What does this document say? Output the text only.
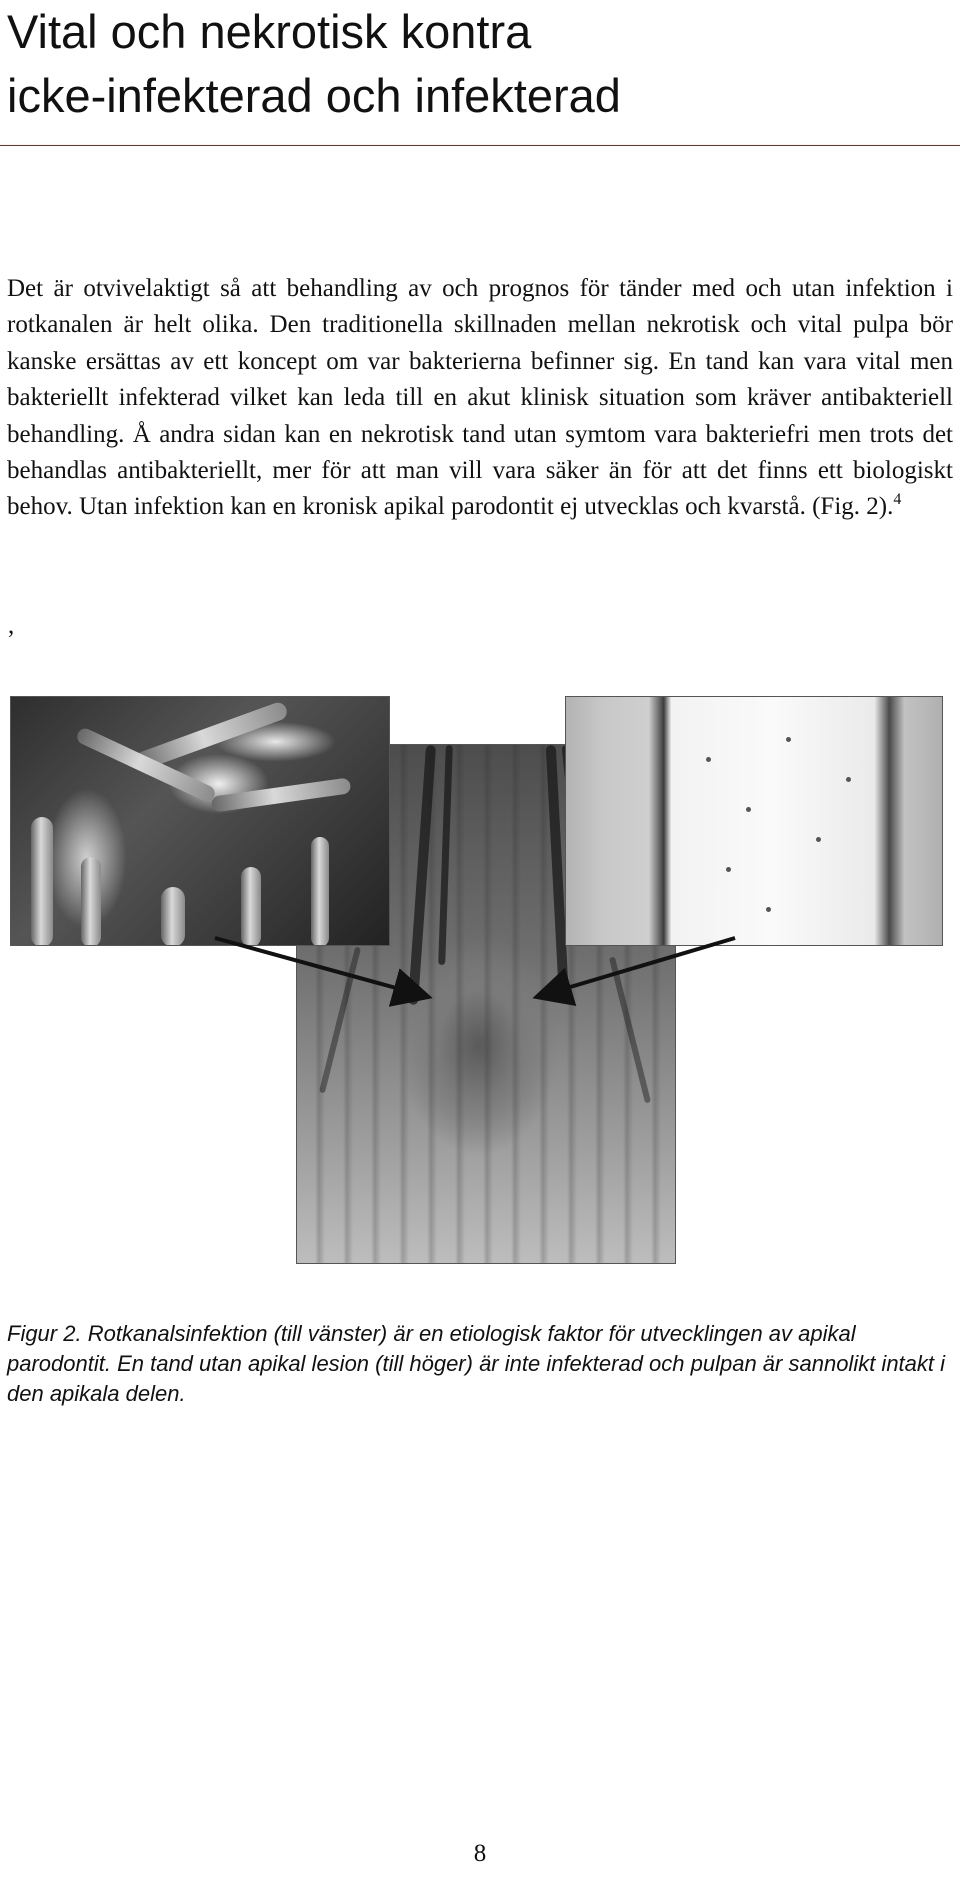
Vital och nekrotisk kontra
icke-infekterad och infekterad

Det är otvivelaktigt så att behandling av och prognos för tänder med och utan infektion i rotkanalen är helt olika. Den traditionella skillnaden mellan nekrotisk och vital pulpa bör kanske ersättas av ett koncept om var bakterierna befinner sig. En tand kan vara vital men bakteriellt infekterad vilket kan leda till en akut klinisk situation som kräver antibakteriell behandling. Å andra sidan kan en nekrotisk tand utan symtom vara bakteriefri men trots det behandlas antibakteriellt, mer för att man vill vara säker än för att det finns ett biologiskt behov. Utan infektion kan en kronisk apikal parodontit ej utvecklas och kvarstå. (Fig. 2).$^4$

,

Figur 2. Rotkanalsinfektion (till vänster) är en etiologisk faktor för utvecklingen av apikal parodontit. En tand utan apikal lesion (till höger) är inte infekterad och pulpan är sannolikt intakt i den apikala delen.

8
